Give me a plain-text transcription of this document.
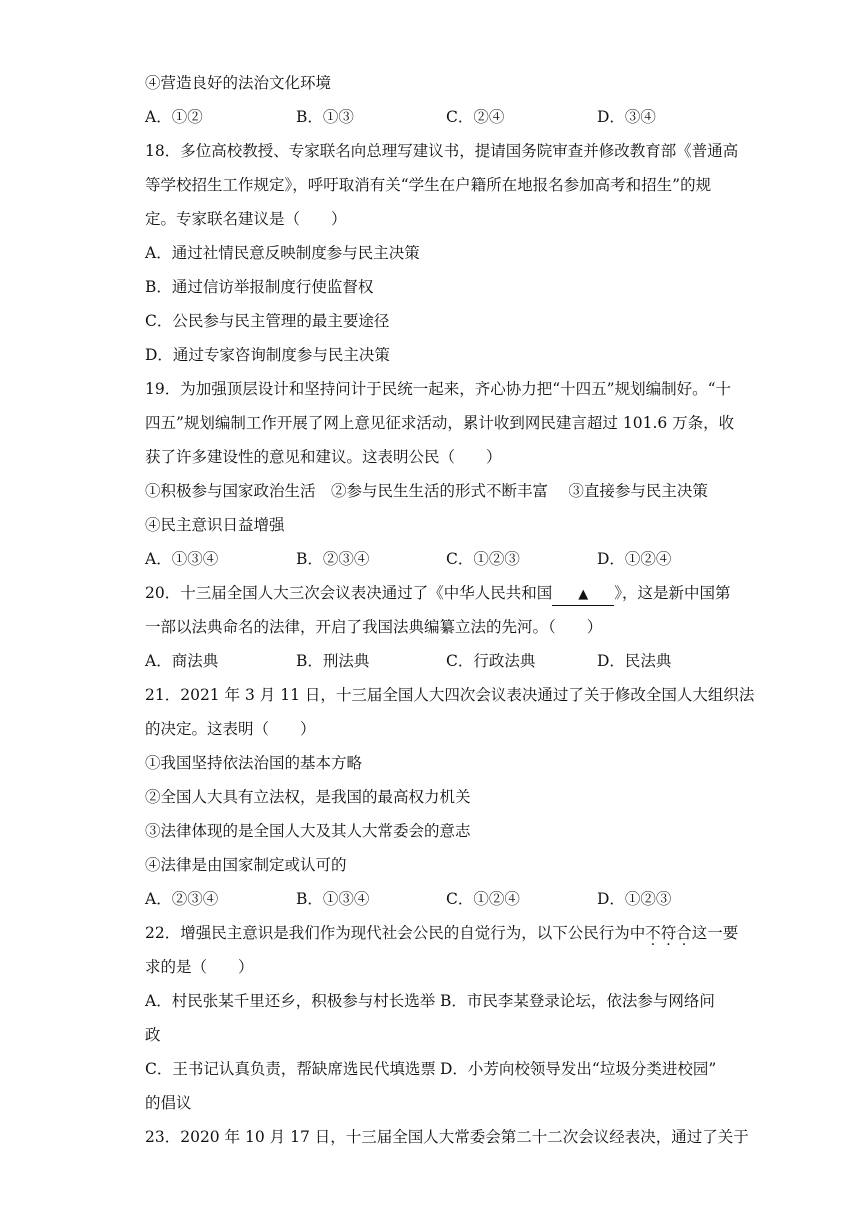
④营造良好的法治文化环境
A．①②	B．①③	C．②④	D．③④
18．多位高校教授、专家联名向总理写建议书，提请国务院审查并修改教育部《普通高
等学校招生工作规定》，呼吁取消有关“学生在户籍所在地报名参加高考和招生”的规
定。专家联名建议是（　　）
A．通过社情民意反映制度参与民主决策
B．通过信访举报制度行使监督权
C．公民参与民主管理的最主要途径
D．通过专家咨询制度参与民主决策
19．为加强顶层设计和坚持问计于民统一起来，齐心协力把“十四五”规划编制好。“十
四五”规划编制工作开展了网上意见征求活动，累计收到网民建言超过 101.6 万条，收
获了许多建设性的意见和建议。这表明公民（　　）
①积极参与国家政治生活　②参与民生生活的形式不断丰富　 ③直接参与民主决策
④民主意识日益增强
A．①③④	B．②③④	C．①②③	D．①②④
20．十三届全国人大三次会议表决通过了《中华人民共和国 ▲ 》，这是新中国第
一部以法典命名的法律，开启了我国法典编纂立法的先河。（　　）
A．商法典	B．刑法典	C．行政法典	D．民法典
21．2021 年 3 月 11 日，十三届全国人大四次会议表决通过了关于修改全国人大组织法
的决定。这表明（　　）
①我国坚持依法治国的基本方略
②全国人大具有立法权，是我国的最高权力机关
③法律体现的是全国人大及其人大常委会的意志
④法律是由国家制定或认可的
A．②③④	B．①③④	C．①②④	D．①②③
22．增强民主意识是我们作为现代社会公民的自觉行为，以下公民行为中不符合这一要
求的是（　　）
A．村民张某千里还乡，积极参与村长选举 B．市民李某登录论坛，依法参与网络问
政
C．王书记认真负责，帮缺席选民代填选票 D．小芳向校领导发出“垃圾分类进校园”
的倡议
23．2020 年 10 月 17 日，十三届全国人大常委会第二十二次会议经表决，通过了关于
